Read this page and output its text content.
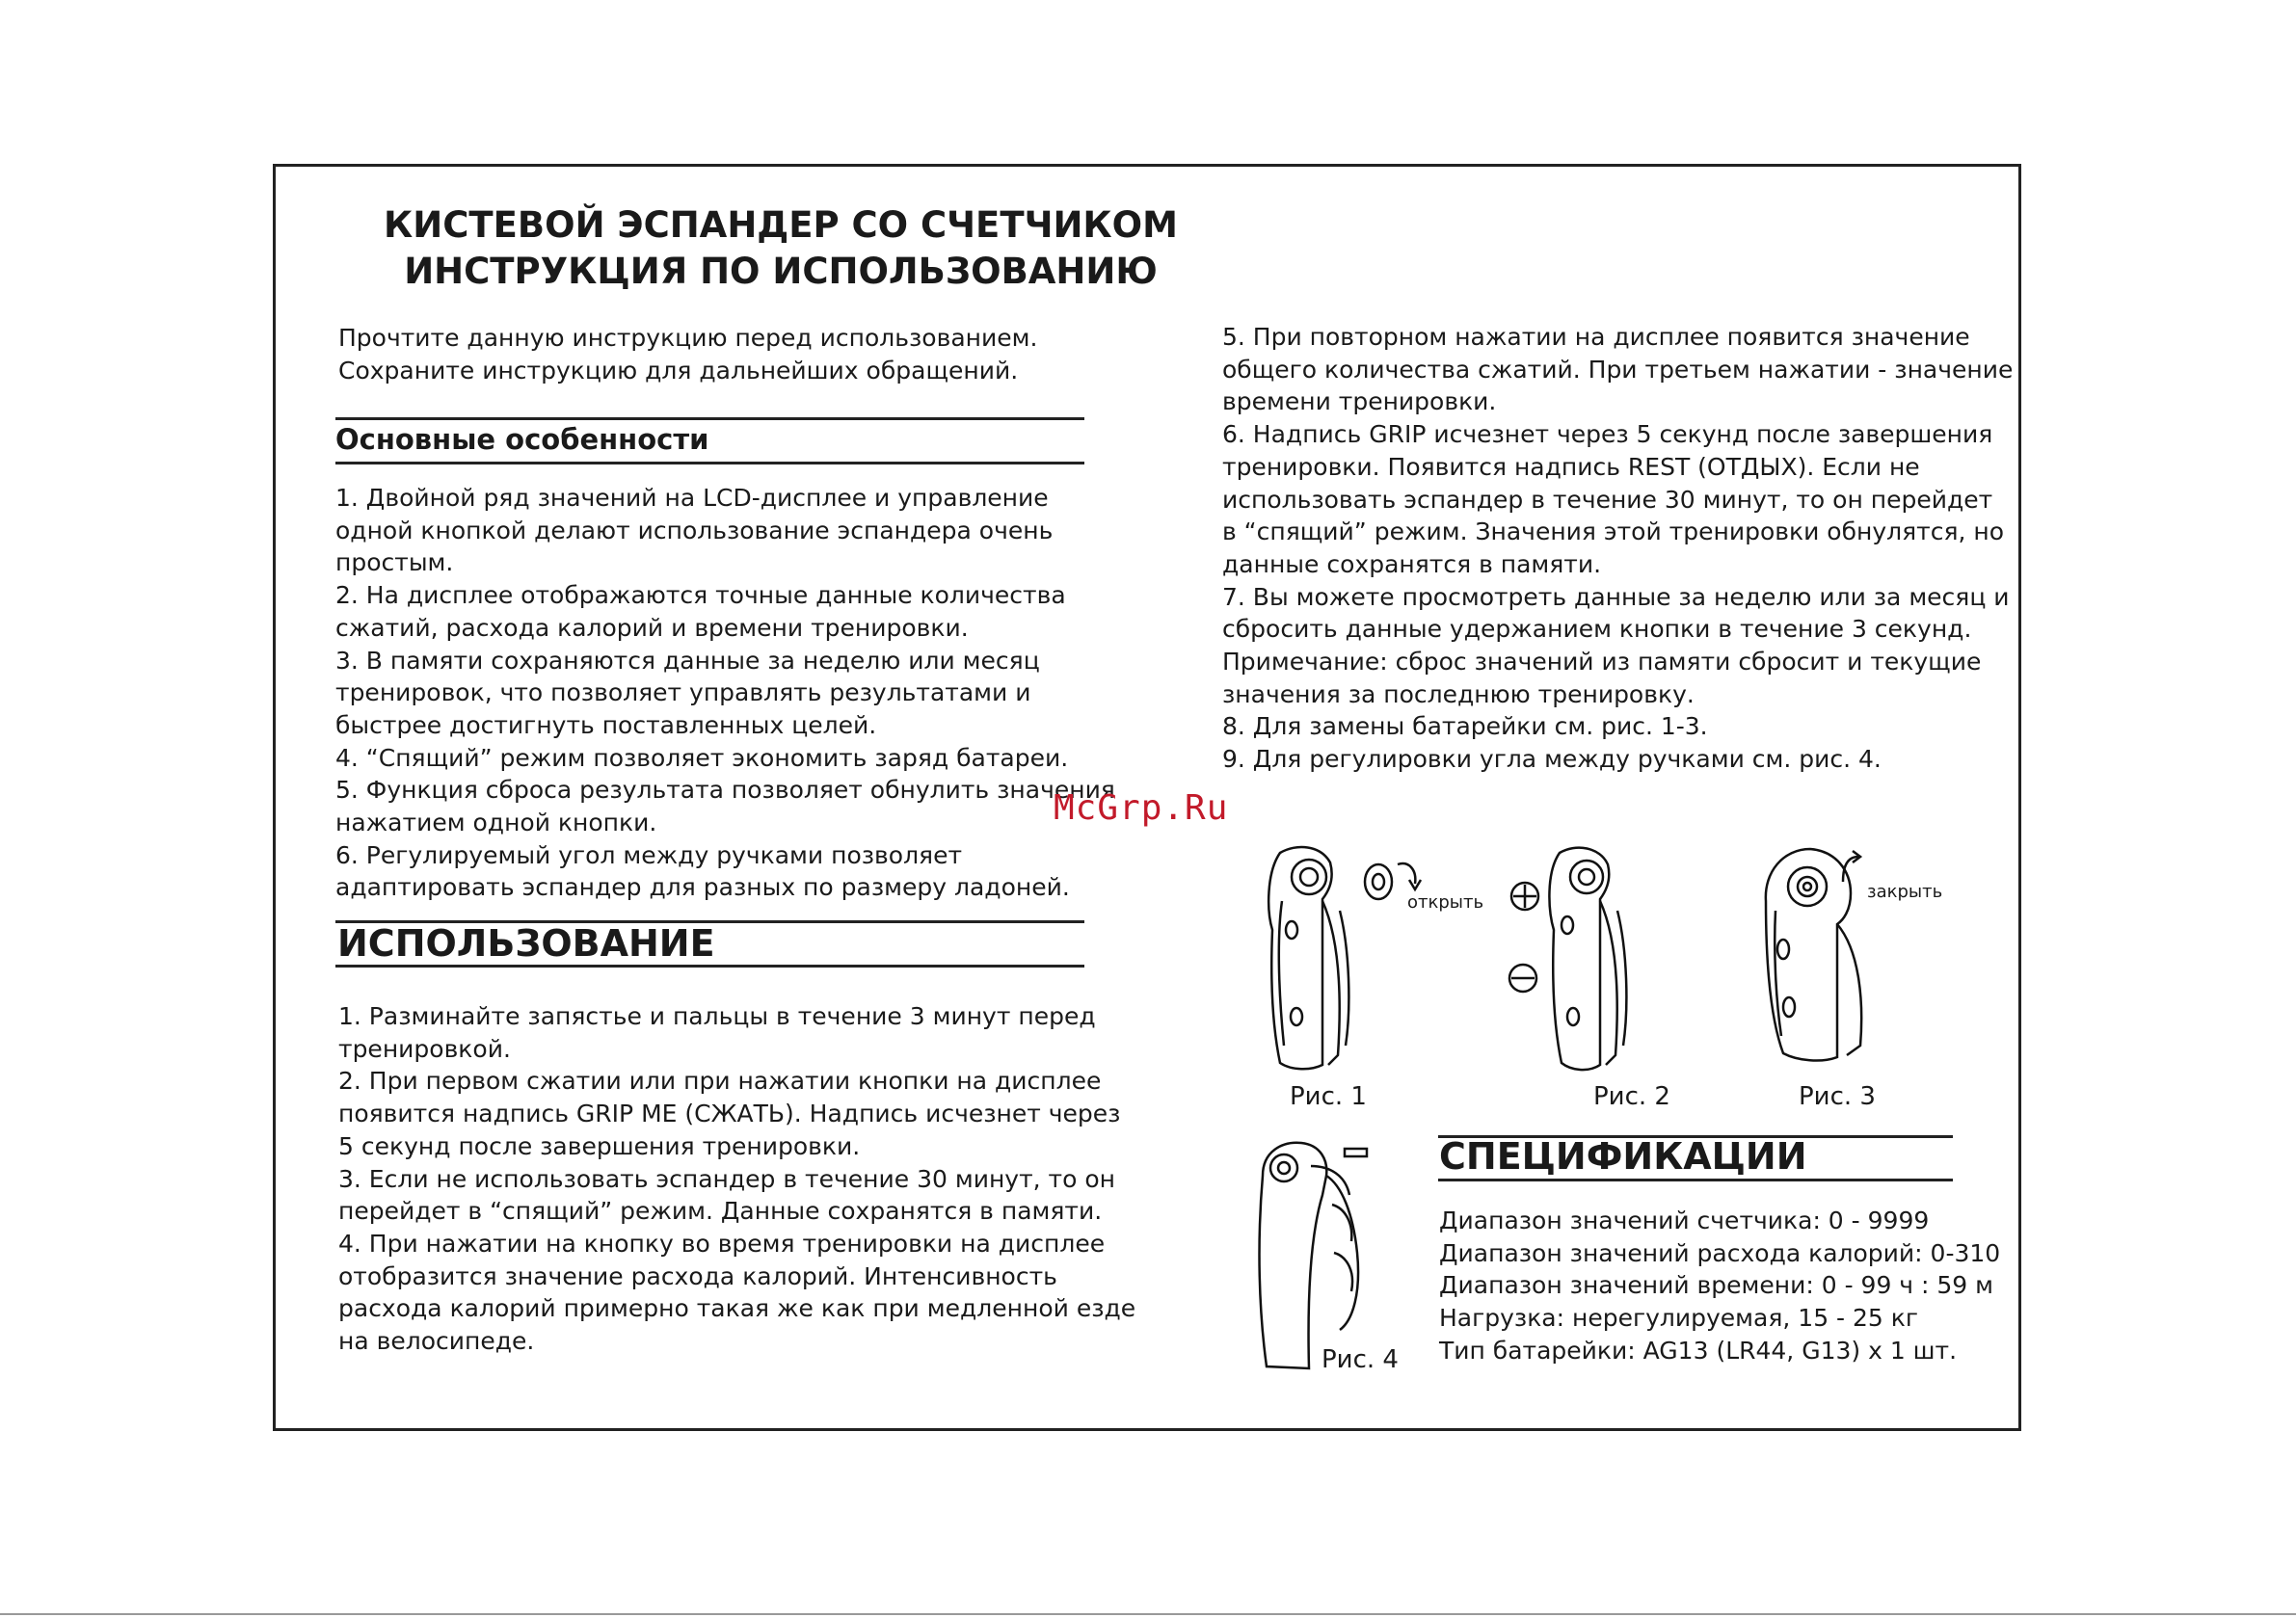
КИСТЕВОЙ ЭСПАНДЕР СО СЧЕТЧИКОМ
ИНСТРУКЦИЯ ПО ИСПОЛЬЗОВАНИЮ
Прочтите данную инструкцию перед использованием.
Сохраните инструкцию для дальнейших обращений.
Основные особенности
1. Двойной ряд значений на LCD-дисплее и управление
одной кнопкой делают использование эспандера очень
простым.
2. На дисплее отображаются точные данные количества
сжатий, расхода калорий и времени тренировки.
3. В памяти сохраняются данные за неделю или месяц
тренировок, что позволяет управлять результатами и
быстрее достигнуть поставленных целей.
4. “Спящий” режим позволяет экономить заряд батареи.
5. Функция сброса результата позволяет обнулить значения
нажатием одной кнопки.
6. Регулируемый угол между ручками позволяет
адаптировать эспандер для разных по размеру ладоней.
ИСПОЛЬЗОВАНИЕ
1. Разминайте запястье и пальцы в течение 3 минут перед
тренировкой.
2. При первом сжатии или при нажатии кнопки на дисплее
появится надпись GRIP ME (СЖАТЬ). Надпись исчезнет через
5 секунд после завершения тренировки.
3. Если не использовать эспандер в течение 30 минут, то он
перейдет в “спящий” режим. Данные сохранятся в памяти.
4. При нажатии на кнопку во время тренировки на дисплее
отобразится значение расхода калорий. Интенсивность
расхода калорий примерно такая же как при медленной езде
на велосипеде.
5. При повторном нажатии на дисплее появится значение
общего количества сжатий. При третьем нажатии - значение
времени тренировки.
6. Надпись GRIP исчезнет через 5 секунд после завершения
тренировки. Появится надпись REST (ОТДЫХ). Если не
использовать эспандер в течение 30 минут, то он перейдет
в “спящий” режим. Значения этой тренировки обнулятся, но
данные сохранятся в памяти.
7. Вы можете просмотреть данные за неделю или за месяц и
сбросить данные удержанием кнопки в течение 3 секунд.
Примечание: сброс значений из памяти сбросит и текущие
значения за последнюю тренировку.
8. Для замены батарейки см. рис. 1-3.
9. Для регулировки угла между ручками см. рис. 4.
McGrp.Ru
открыть
Рис. 1	Рис. 2
закрыть
Рис. 3
Рис. 4
СПЕЦИФИКАЦИИ
Диапазон значений счетчика: 0 - 9999
Диапазон значений расхода калорий: 0-310
Диапазон значений времени: 0 - 99 ч : 59 м
Нагрузка: нерегулируемая, 15 - 25 кг
Тип батарейки: AG13 (LR44, G13) x 1 шт.
